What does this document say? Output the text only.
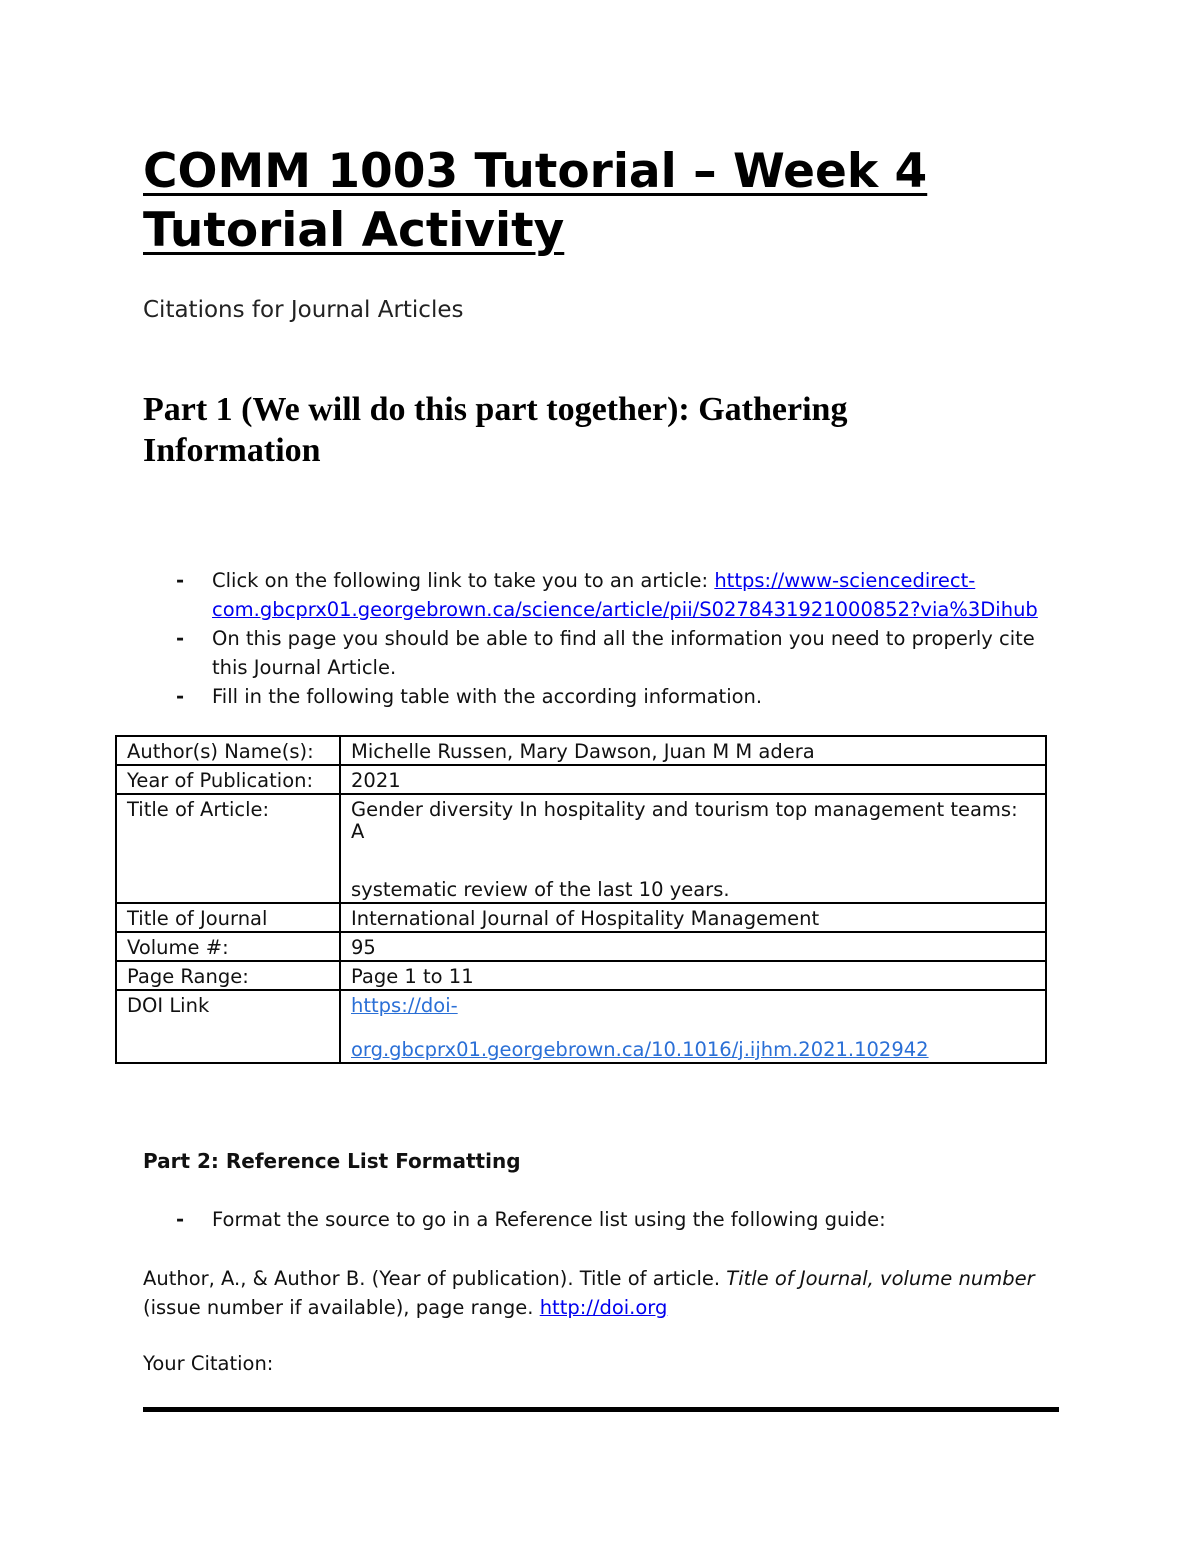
COMM 1003 Tutorial – Week 4
Tutorial Activity

Citations for Journal Articles

Part 1 (We will do this part together): Gathering
Information
- Click on the following link to take you to an article: https://www-sciencedirect-
com.gbcprx01.georgebrown.ca/science/article/pii/S0278431921000852?via%3Dihub
- On this page you should be able to find all the information you need to properly cite this Journal Article.
- Fill in the following table with the according information.
Author(s) Name(s):	Michelle Russen, Mary Dawson, Juan M M adera
Year of Publication:	2021
Title of Article:	Gender diversity In hospitality and tourism top management teams: A
systematic review of the last 10 years.
Title of Journal	International Journal of Hospitality Management
Volume #:	95
Page Range:	Page 1 to 11
DOI Link	https://doi-
org.gbcprx01.georgebrown.ca/10.1016/j.ijhm.2021.102942

Part 2: Reference List Formatting

- Format the source to go in a Reference list using the following guide:

Author, A., & Author B. (Year of publication). Title of article. Title of Journal, volume number
(issue number if available), page range. http://doi.org

Your Citation:
